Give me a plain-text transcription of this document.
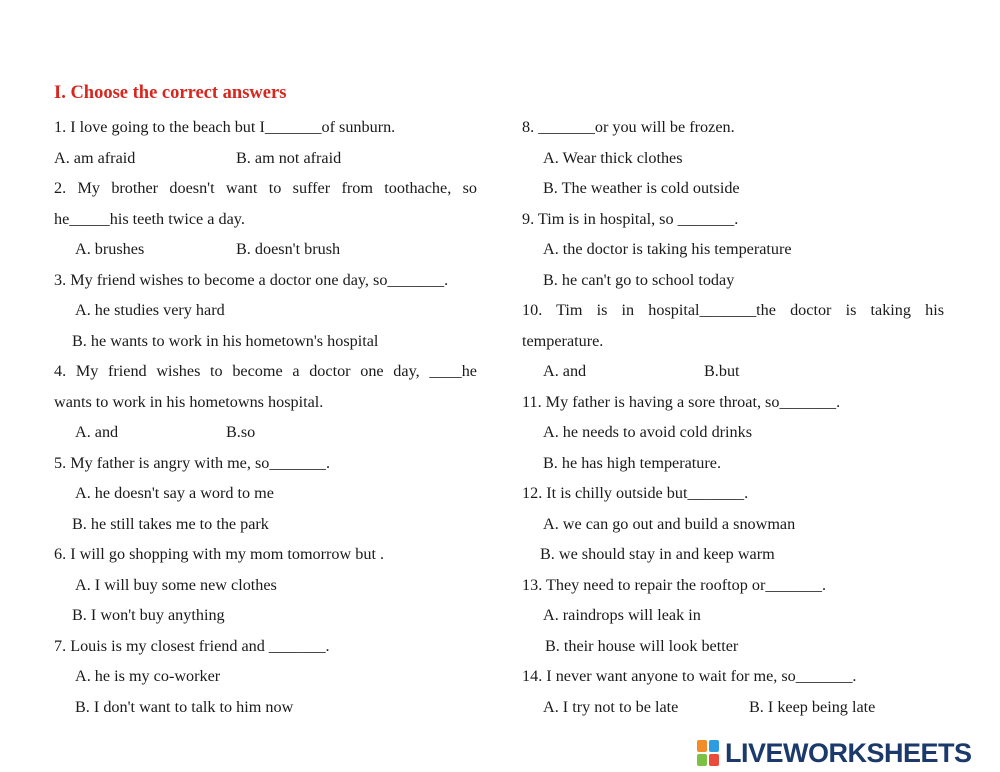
I. Choose the correct answers
1. I love going to the beach but I_______of sunburn.
A. am afraid	B. am not afraid
2. My brother doesn't want to suffer from toothache, so
he_____his teeth twice a day.
A. brushes	B. doesn't brush
3. My friend wishes to become a doctor one day, so_______.
A. he studies very hard
B. he wants to work in his hometown's hospital
4. My friend wishes to become a doctor one day, ____he
wants to work in his hometowns hospital.
A. and	B.so
5. My father is angry with me, so_______.
A. he doesn't say a word to me
B. he still takes me to the park
6. I will go shopping with my mom tomorrow but .
A. I will buy some new clothes
B. I won't buy anything
7. Louis is my closest friend and _______.
A. he is my co-worker
B. I don't want to talk to him now
8. _______or you will be frozen.
A. Wear thick clothes
B. The weather is cold outside
9. Tim is in hospital, so _______.
A. the doctor is taking his temperature
B. he can't go to school today
10. Tim is in hospital_______the doctor is taking his
temperature.
A. and	B.but
11. My father is having a sore throat, so_______.
A. he needs to avoid cold drinks
B. he has high temperature.
12. It is chilly outside but_______.
A. we can go out and build a snowman
B. we should stay in and keep warm
13. They need to repair the rooftop or_______.
A. raindrops will leak in
B. their house will look better
14. I never want anyone to wait for me, so_______.
A. I try not to be late	B. I keep being late
LIVEWORKSHEETS
